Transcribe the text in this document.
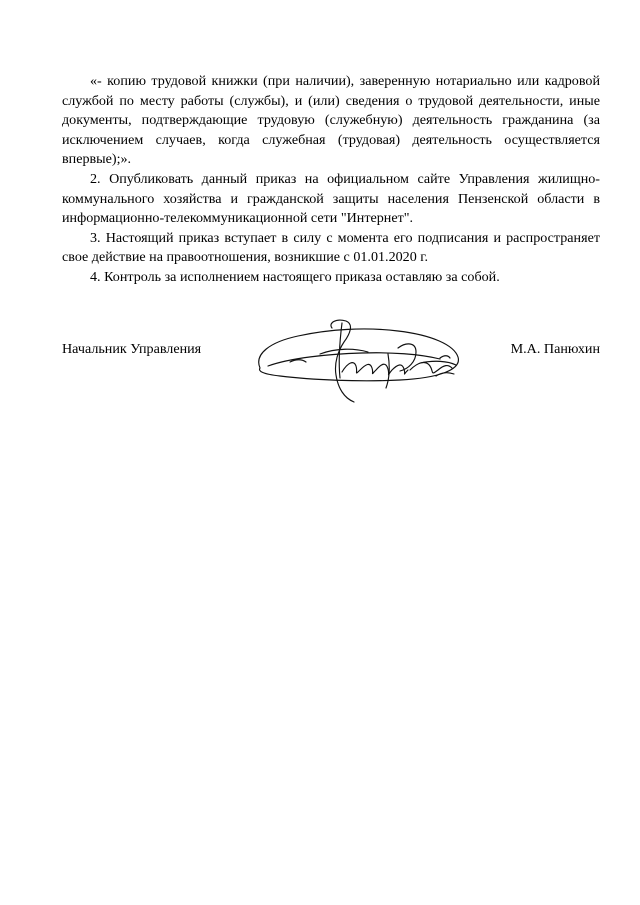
«- копию трудовой книжки (при наличии), заверенную нотариально или кадровой службой по месту работы (службы), и (или) сведения о трудовой деятельности, иные документы, подтверждающие трудовую (служебную) деятельность гражданина (за исключением случаев, когда служебная (трудовая) деятельность осуществляется впервые);».

2. Опубликовать данный приказ на официальном сайте Управления жилищно-коммунального хозяйства и гражданской защиты населения Пензенской области в информационно-телекоммуникационной сети "Интернет".

3. Настоящий приказ вступает в силу с момента его подписания и распространяет свое действие на правоотношения, возникшие с 01.01.2020 г.

4. Контроль за исполнением настоящего приказа оставляю за собой.

Начальник Управления	М.А. Панюхин
